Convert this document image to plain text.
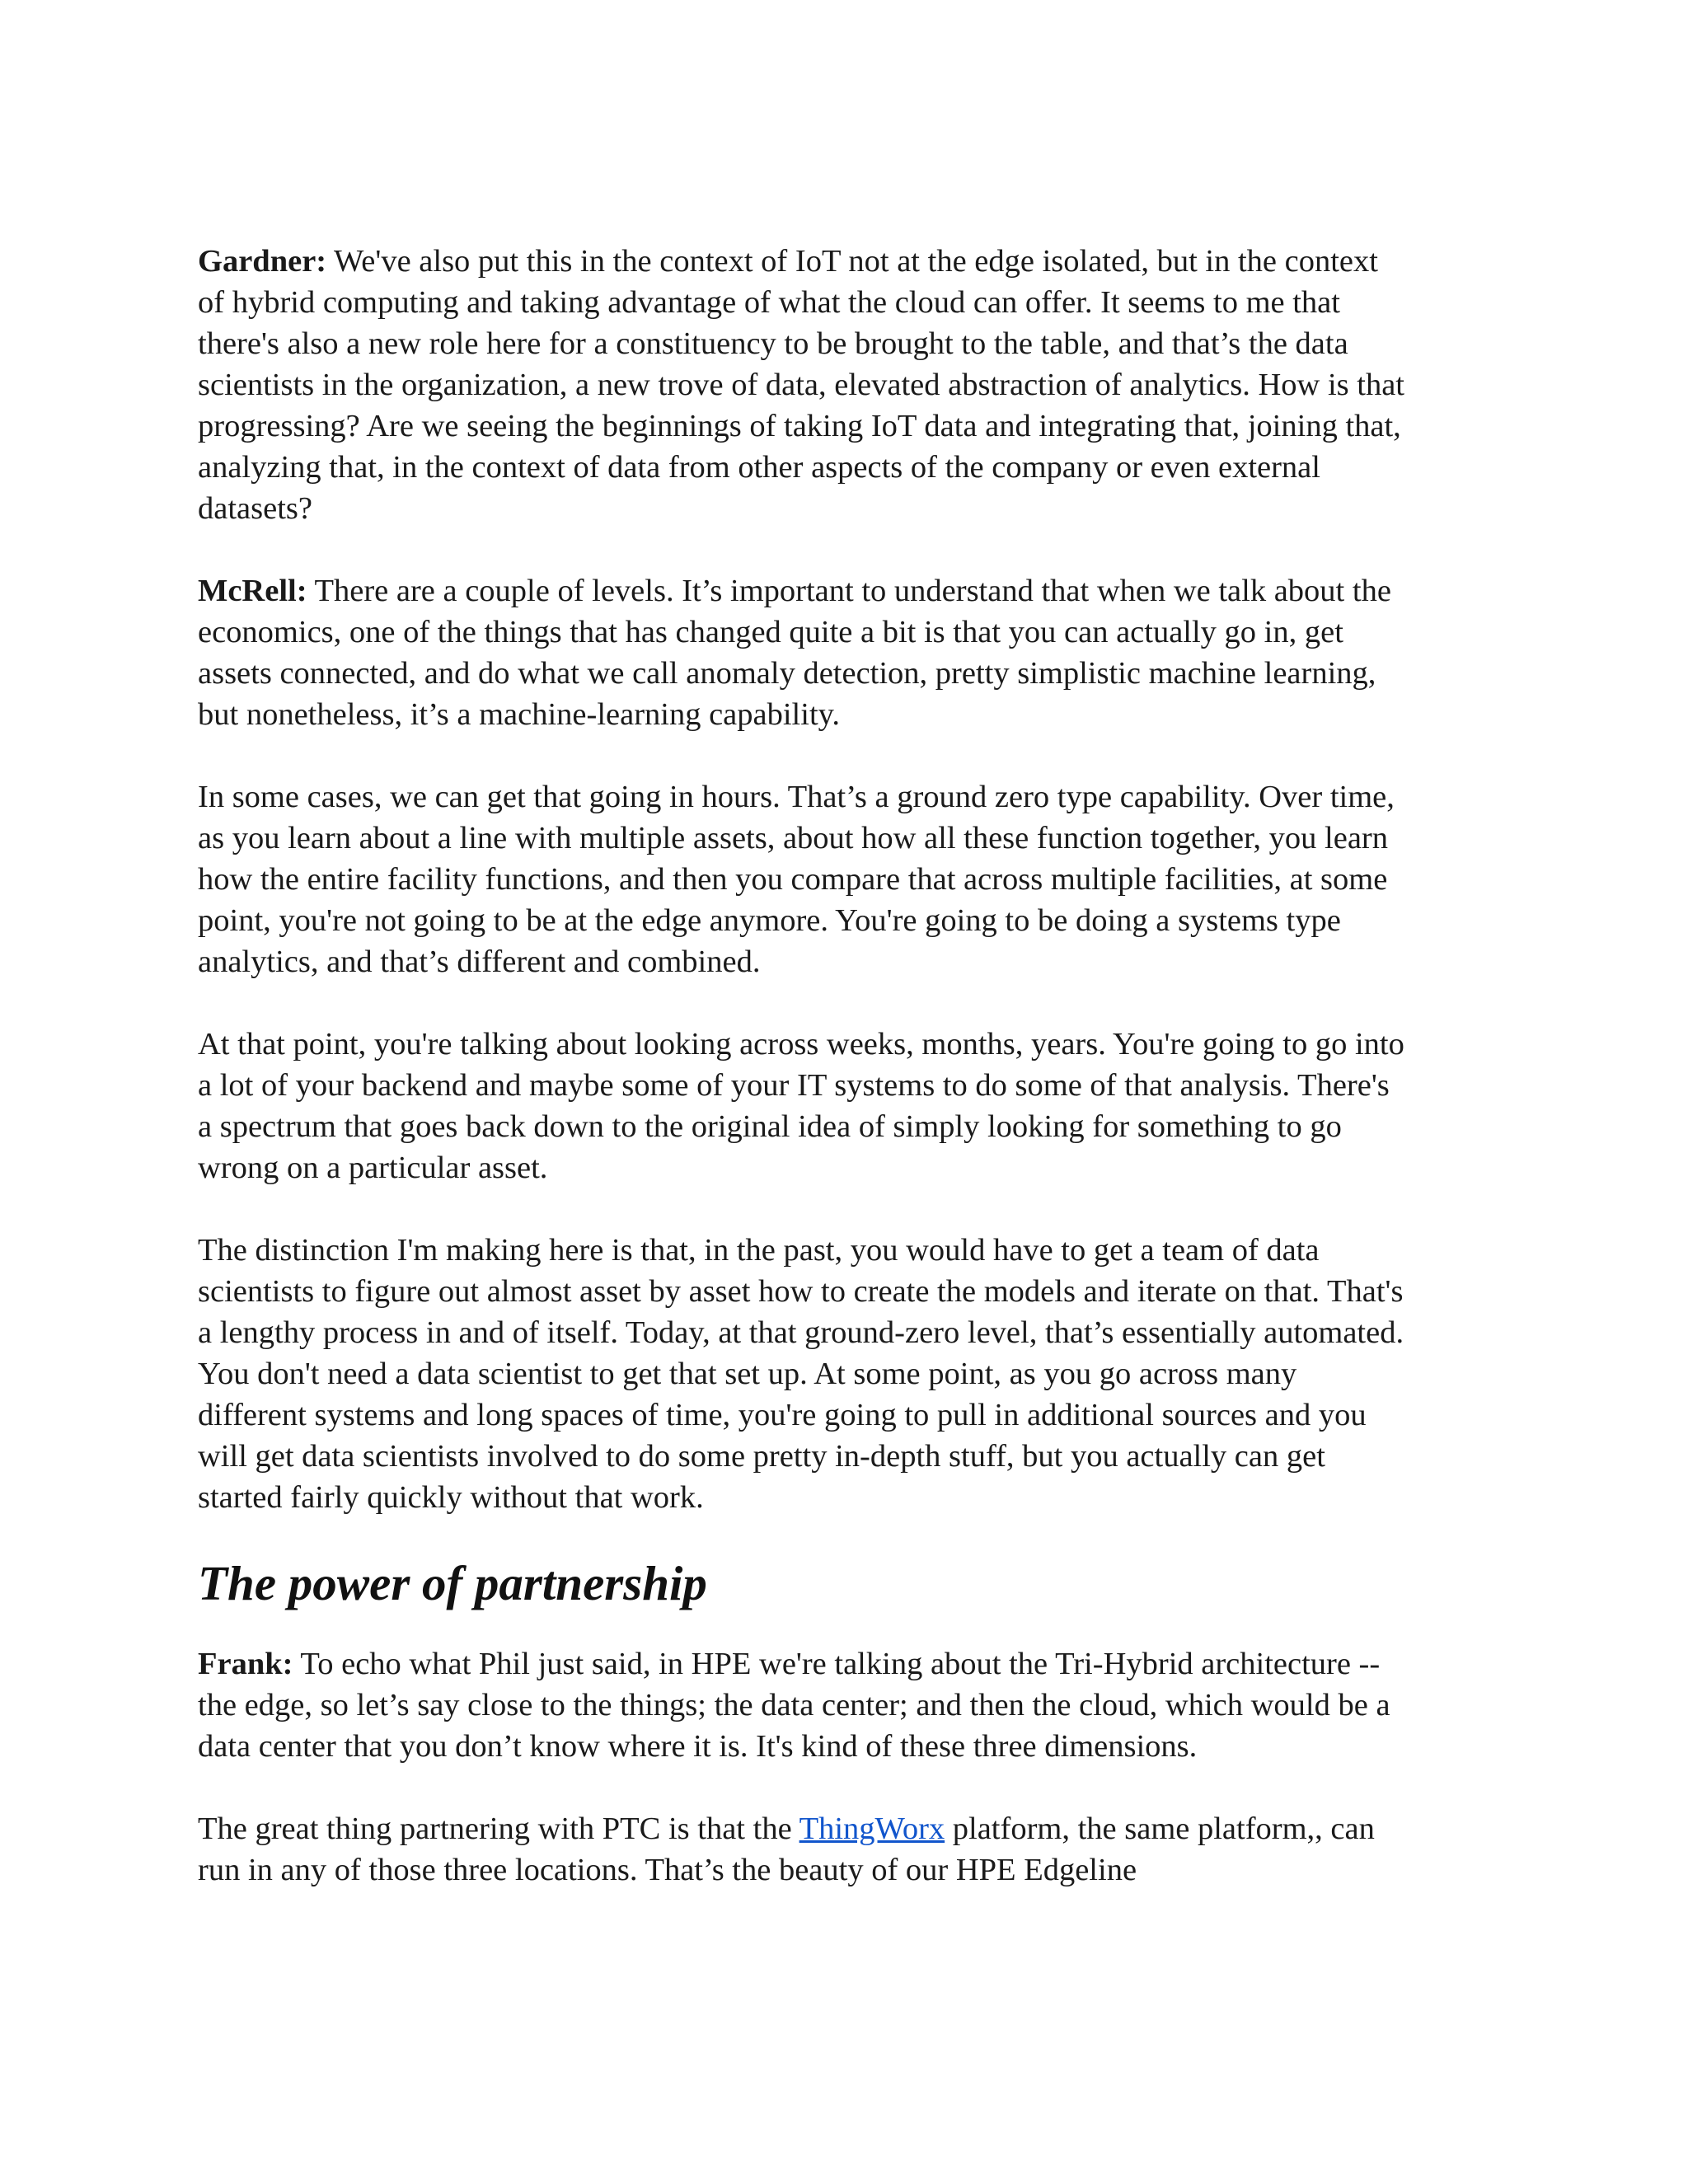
Gardner: We've also put this in the context of IoT not at the edge isolated, but in the context of hybrid computing and taking advantage of what the cloud can offer. It seems to me that there's also a new role here for a constituency to be brought to the table, and that’s the data scientists in the organization, a new trove of data, elevated abstraction of analytics. How is that progressing? Are we seeing the beginnings of taking IoT data and integrating that, joining that, analyzing that, in the context of data from other aspects of the company or even external datasets?

McRell: There are a couple of levels. It’s important to understand that when we talk about the economics, one of the things that has changed quite a bit is that you can actually go in, get assets connected, and do what we call anomaly detection, pretty simplistic machine learning, but nonetheless, it’s a machine-learning capability.

In some cases, we can get that going in hours. That’s a ground zero type capability. Over time, as you learn about a line with multiple assets, about how all these function together, you learn how the entire facility functions, and then you compare that across multiple facilities, at some point, you're not going to be at the edge anymore. You're going to be doing a systems type analytics, and that’s different and combined.

At that point, you're talking about looking across weeks, months, years. You're going to go into a lot of your backend and maybe some of your IT systems to do some of that analysis. There's a spectrum that goes back down to the original idea of simply looking for something to go wrong on a particular asset.

The distinction I'm making here is that, in the past, you would have to get a team of data scientists to figure out almost asset by asset how to create the models and iterate on that. That's a lengthy process in and of itself. Today, at that ground-zero level, that’s essentially automated. You don't need a data scientist to get that set up. At some point, as you go across many different systems and long spaces of time, you're going to pull in additional sources and you will get data scientists involved to do some pretty in-depth stuff, but you actually can get started fairly quickly without that work.

The power of partnership

Frank: To echo what Phil just said, in HPE we're talking about the Tri-Hybrid architecture -- the edge, so let’s say close to the things; the data center; and then the cloud, which would be a data center that you don’t know where it is. It's kind of these three dimensions.

The great thing partnering with PTC is that the ThingWorx platform, the same platform,, can run in any of those three locations. That’s the beauty of our HPE Edgeline
